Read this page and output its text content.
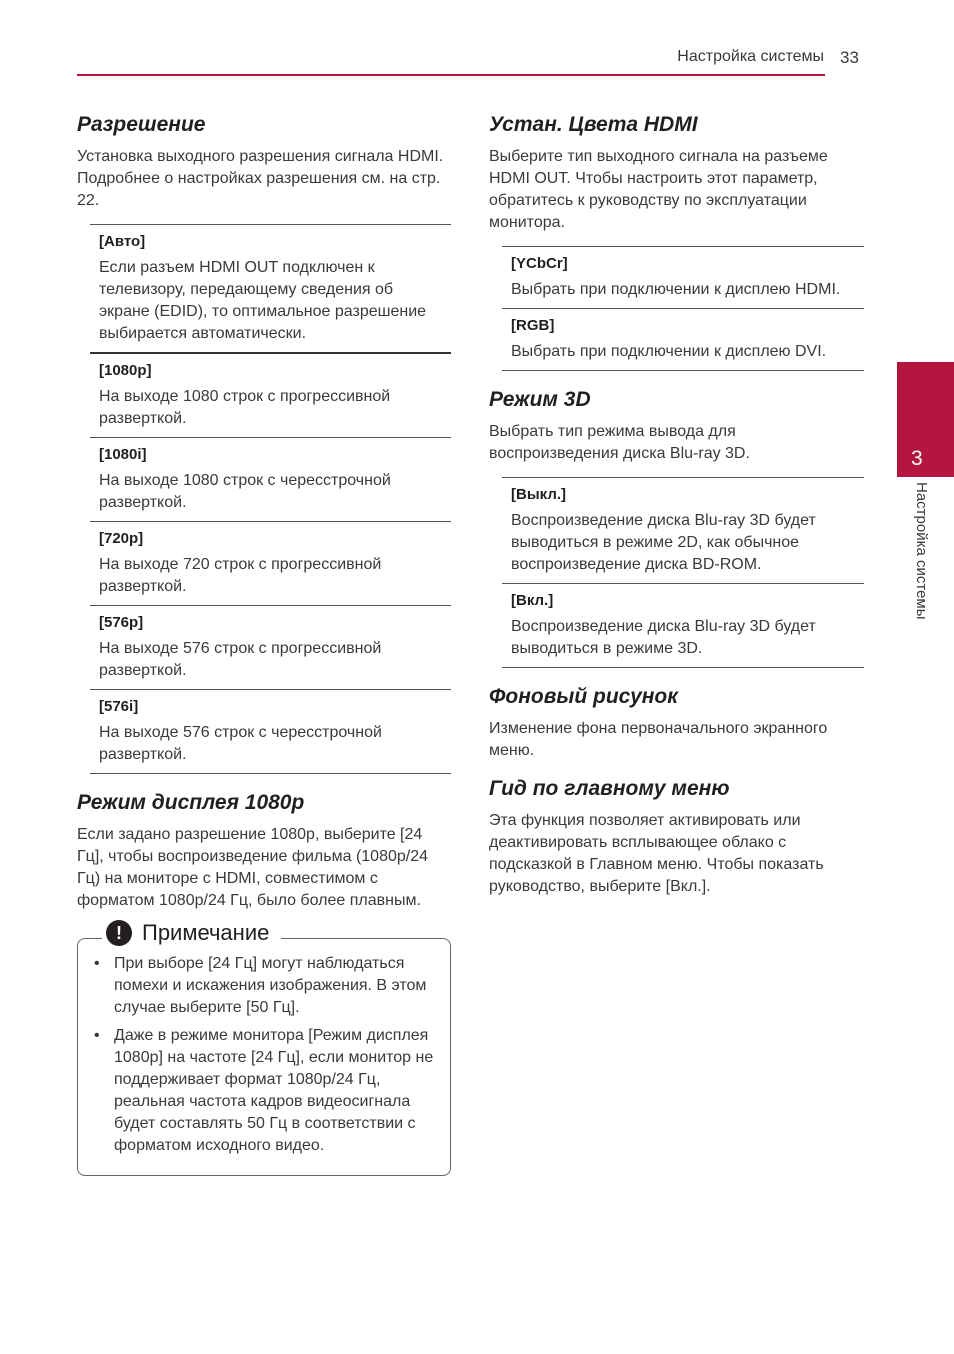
Настройка системы 33
3
Настройка системы
Разрешение

Установка выходного разрешения сигнала HDMI. Подробнее о настройках разрешения см. на стр. 22.

[Авто]
Если разъем HDMI OUT подключен к телевизору, передающему сведения об экране (EDID), то оптимальное разрешение выбирается автоматически.
[1080p]
На выходе 1080 строк с прогрессивной разверткой.
[1080i]
На выходе 1080 строк с чересстрочной разверткой.
[720p]
На выходе 720 строк с прогрессивной разверткой.
[576p]
На выходе 576 строк с прогрессивной разверткой.
[576i]
На выходе 576 строк с чересстрочной разверткой.
Режим дисплея 1080p

Если задано разрешение 1080p, выберите [24 Гц], чтобы воспроизведение фильма (1080p/24 Гц) на мониторе с HDMI, совместимом с форматом 1080p/24 Гц, было более плавным.

! Примечание
• При выборе [24 Гц] могут наблюдаться помехи и искажения изображения. В этом случае выберите [50 Гц].
• Даже в режиме монитора [Режим дисплея 1080p] на частоте [24 Гц], если монитор не поддерживает формат 1080p/24 Гц, реальная частота кадров видеосигнала будет составлять 50 Гц в соответствии с форматом исходного видео.
Устан. Цвета HDMI

Выберите тип выходного сигнала на разъеме HDMI OUT. Чтобы настроить этот параметр, обратитесь к руководству по эксплуатации монитора.

[YCbCr]
Выбрать при подключении к дисплею HDMI.
[RGB]
Выбрать при подключении к дисплею DVI.
Режим 3D

Выбрать тип режима вывода для воспроизведения диска Blu-ray 3D.

[Выкл.]
Воспроизведение диска Blu-ray 3D будет выводиться в режиме 2D, как обычное воспроизведение диска BD-ROM.
[Вкл.]
Воспроизведение диска Blu-ray 3D будет выводиться в режиме 3D.
Фоновый рисунок

Изменение фона первоначального экранного меню.

Гид по главному меню

Эта функция позволяет активировать или деактивировать всплывающее облако с подсказкой в Главном меню. Чтобы показать руководство, выберите [Вкл.].
